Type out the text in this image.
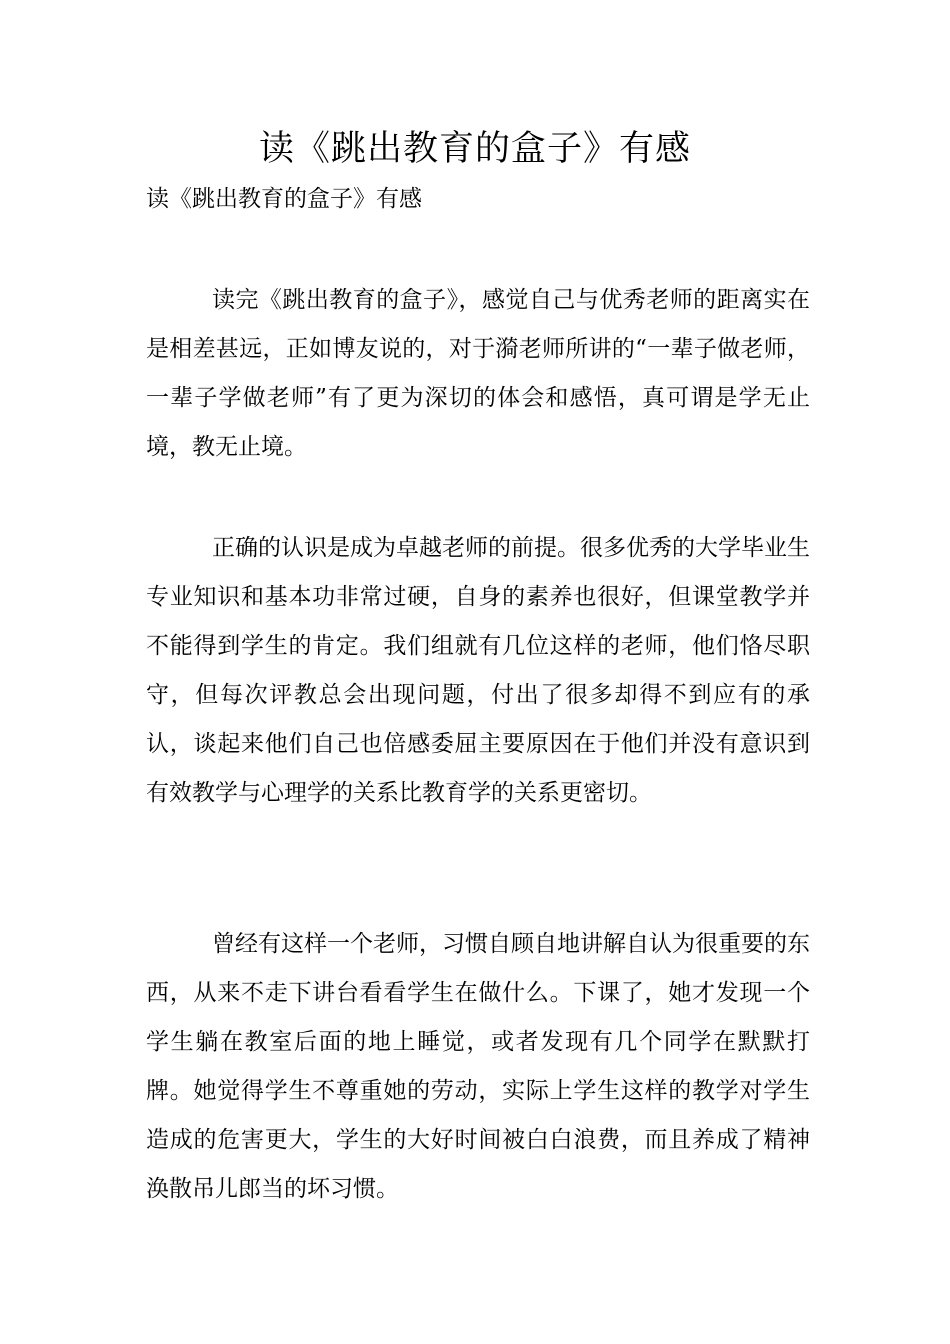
读《跳出教育的盒子》有感
读《跳出教育的盒子》有感

读完《跳出教育的盒子》，感觉自己与优秀老师的距离实在是相差甚远，正如博友说的，对于漪老师所讲的“一辈子做老师，一辈子学做老师”有了更为深切的体会和感悟，真可谓是学无止境，教无止境。

正确的认识是成为卓越老师的前提。很多优秀的大学毕业生专业知识和基本功非常过硬，自身的素养也很好，但课堂教学并不能得到学生的肯定。我们组就有几位这样的老师，他们恪尽职守，但每次评教总会出现问题，付出了很多却得不到应有的承认，谈起来他们自己也倍感委屈主要原因在于他们并没有意识到有效教学与心理学的关系比教育学的关系更密切。

曾经有这样一个老师，习惯自顾自地讲解自认为很重要的东西，从来不走下讲台看看学生在做什么。下课了，她才发现一个学生躺在教室后面的地上睡觉，或者发现有几个同学在默默打牌。她觉得学生不尊重她的劳动，实际上学生这样的教学对学生造成的危害更大，学生的大好时间被白白浪费，而且养成了精神涣散吊儿郎当的坏习惯。
